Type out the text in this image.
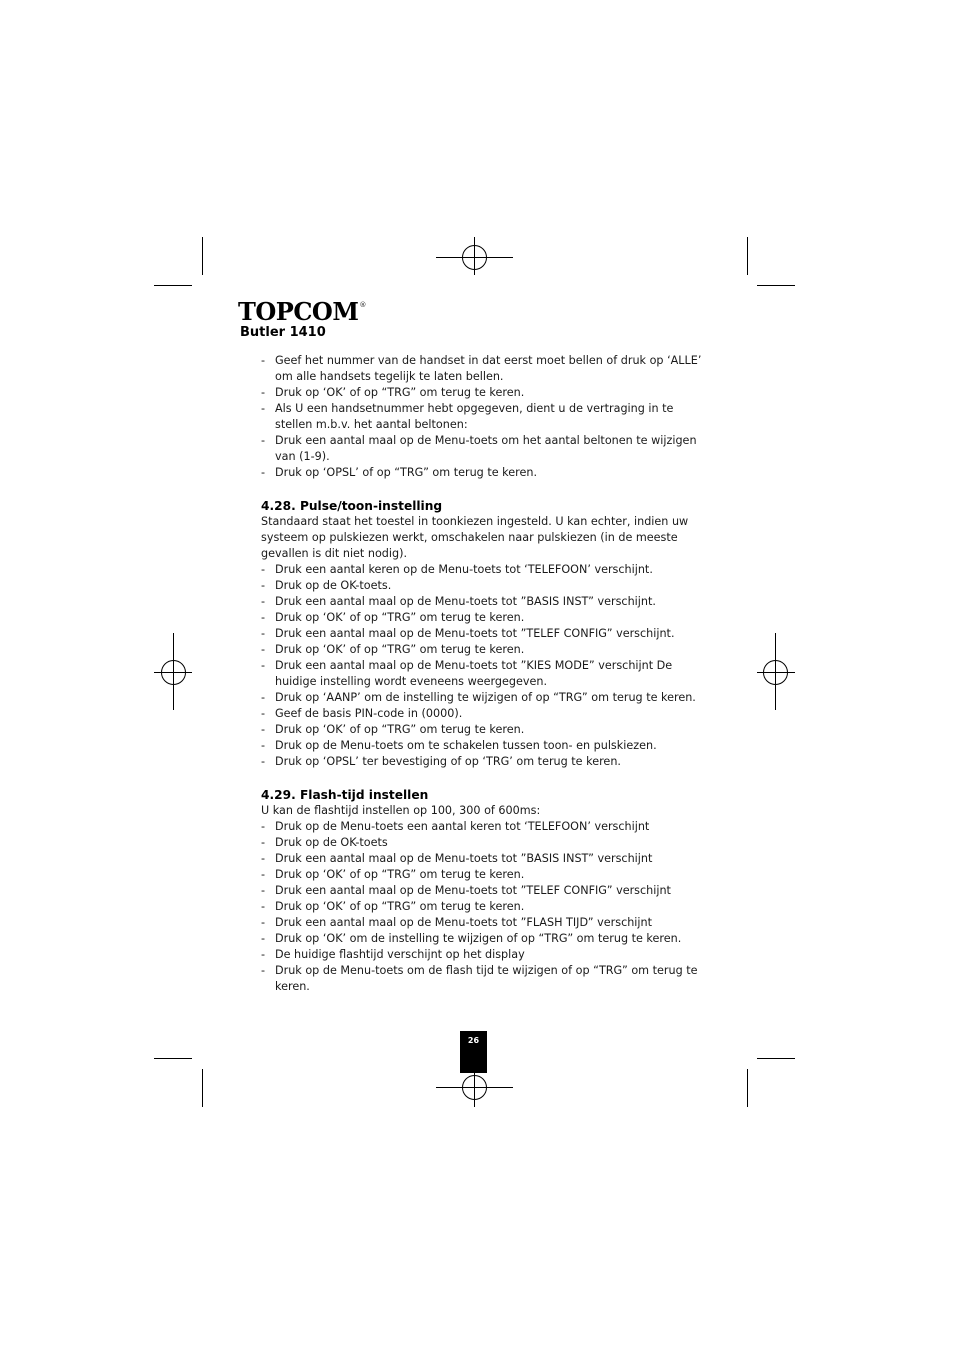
TOPCOM ®
Butler 1410
- Geef het nummer van de handset in dat eerst moet bellen of druk op ‘ALLE’ om alle handsets tegelijk te laten bellen.
- Druk op ‘OK’ of op “TRG” om terug te keren.
- Als U een handsetnummer hebt opgegeven, dient u de vertraging in te stellen m.b.v. het aantal beltonen:
- Druk een aantal maal op de Menu-toets om het aantal beltonen te wijzigen van (1-9).
- Druk op ‘OPSL’ of op “TRG” om terug te keren.
4.28. Pulse/toon-instelling

Standaard staat het toestel in toonkiezen ingesteld. U kan echter, indien uw systeem op pulskiezen werkt, omschakelen naar pulskiezen (in de meeste gevallen is dit niet nodig).

- Druk een aantal keren op de Menu-toets tot ‘TELEFOON’ verschijnt.
- Druk op de OK-toets.
- Druk een aantal maal op de Menu-toets tot ”BASIS INST” verschijnt.
- Druk op ‘OK’ of op “TRG” om terug te keren.
- Druk een aantal maal op de Menu-toets tot ”TELEF CONFIG” verschijnt.
- Druk op ‘OK’ of op “TRG” om terug te keren.
- Druk een aantal maal op de Menu-toets tot ”KIES MODE” verschijnt De huidige instelling wordt eveneens weergegeven.
- Druk op ‘AANP’ om de instelling te wijzigen of op “TRG” om terug te keren.
- Geef de basis PIN-code in (0000).
- Druk op ‘OK’ of op “TRG” om terug te keren.
- Druk op de Menu-toets om te schakelen tussen toon- en pulskiezen.
- Druk op ‘OPSL’ ter bevestiging of op ‘TRG’ om terug te keren.
4.29. Flash-tijd instellen

U kan de flashtijd instellen op 100, 300 of 600ms:

- Druk op de Menu-toets een aantal keren tot ‘TELEFOON’ verschijnt
- Druk op de OK-toets
- Druk een aantal maal op de Menu-toets tot ”BASIS INST” verschijnt
- Druk op ‘OK’ of op “TRG” om terug te keren.
- Druk een aantal maal op de Menu-toets tot ”TELEF CONFIG” verschijnt
- Druk op ‘OK’ of op “TRG” om terug te keren.
- Druk een aantal maal op de Menu-toets tot ”FLASH TIJD” verschijnt
- Druk op ‘OK’ om de instelling te wijzigen of op “TRG” om terug te keren.
- De huidige flashtijd verschijnt op het display
- Druk op de Menu-toets om de flash tijd te wijzigen of op “TRG” om terug te keren.
26
